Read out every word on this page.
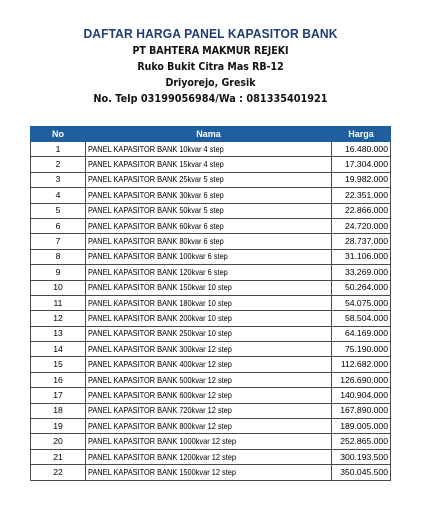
DAFTAR HARGA PANEL KAPASITOR BANK
PT BAHTERA MAKMUR REJEKI
Ruko Bukit Citra Mas RB-12
Driyorejo, Gresik
No. Telp 03199056984/Wa : 081335401921
No	Nama	Harga
1	PANEL KAPASITOR BANK 10kvar 4 step	16.480.000
2	PANEL KAPASITOR BANK 15kvar 4 step	17.304.000
3	PANEL KAPASITOR BANK 25kvar 5 step	19.982.000
4	PANEL KAPASITOR BANK 30kvar 6 step	22.351.000
5	PANEL KAPASITOR BANK 50kvar 5 step	22.866.000
6	PANEL KAPASITOR BANK 60kvar 6 step	24.720.000
7	PANEL KAPASITOR BANK 80kvar 6 step	28.737.000
8	PANEL KAPASITOR BANK 100kvar 6 step	31.106.000
9	PANEL KAPASITOR BANK 120kvar 6 step	33.269.000
10	PANEL KAPASITOR BANK 150kvar 10 step	50.264.000
11	PANEL KAPASITOR BANK 180kvar 10 step	54.075.000
12	PANEL KAPASITOR BANK 200kvar 10 step	58.504.000
13	PANEL KAPASITOR BANK 250kvar 10 step	64.169.000
14	PANEL KAPASITOR BANK 300kvar 12 step	75.190.000
15	PANEL KAPASITOR BANK 400kvar 12 step	112.682.000
16	PANEL KAPASITOR BANK 500kvar 12 step	126.690.000
17	PANEL KAPASITOR BANK 600kvar 12 step	140.904.000
18	PANEL KAPASITOR BANK 720kvar 12 step	167.890.000
19	PANEL KAPASITOR BANK 800kvar 12 step	189.005.000
20	PANEL KAPASITOR BANK 1000kvar 12 step	252.865.000
21	PANEL KAPASITOR BANK 1200kvar 12 step	300.193.500
22	PANEL KAPASITOR BANK 1500kvar 12 step	350.045.500
